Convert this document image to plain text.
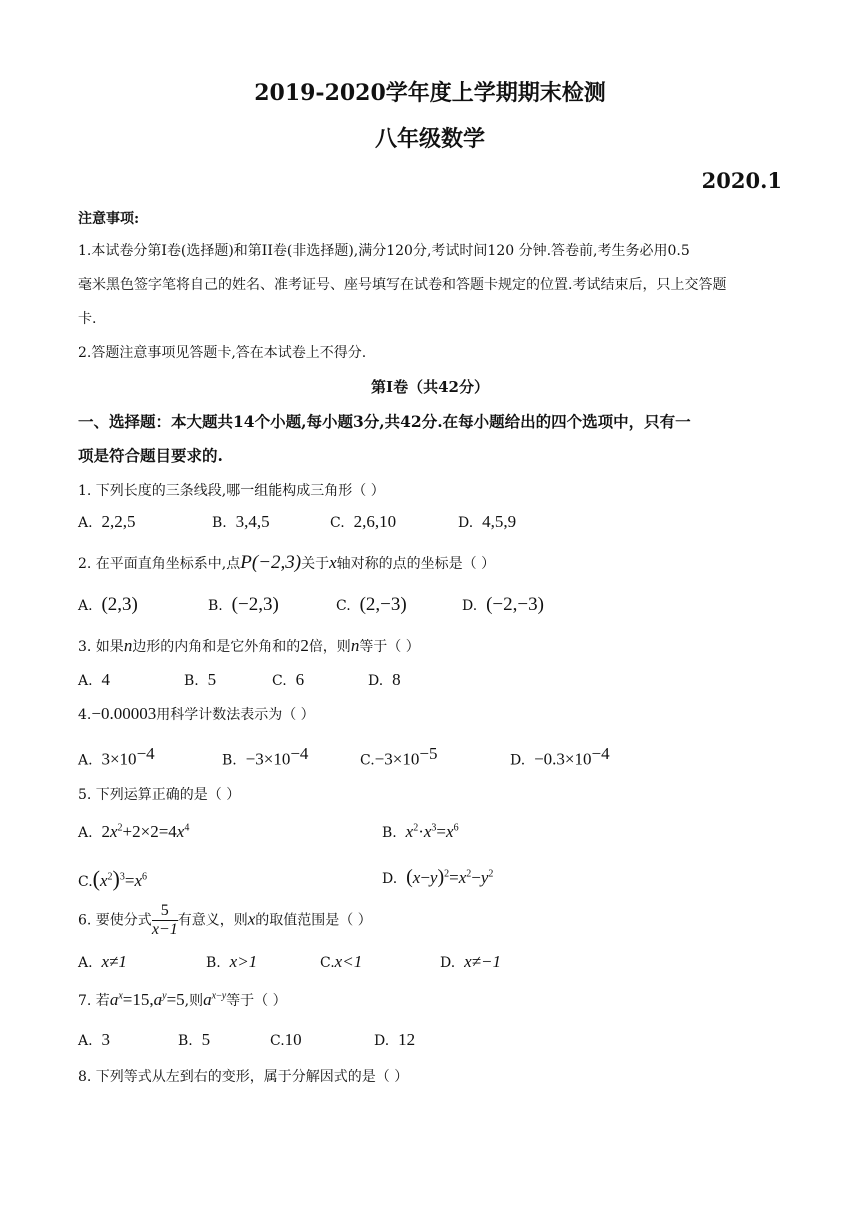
2019-2020学年度上学期期末检测
八年级数学
2020.1
注意事项:
1.本试卷分第Ⅰ卷(选择题)和第II卷(非选择题),满分120分,考试时间120 分钟.答卷前,考生务必用0.5
毫米黑色签字笔将自己的姓名、准考证号、座号填写在试卷和答题卡规定的位置.考试结束后，只上交答题
卡.
2.答题注意事项见答题卡,答在本试卷上不得分.
第Ⅰ卷（共42分）
一、选择题：本大题共14个小题,每小题3分,共42分.在每小题给出的四个选项中，只有一
项是符合题目要求的.
1. 下列长度的三条线段,哪一组能构成三角形（ ）
A. 2,2,5	B. 3,4,5	C. 2,6,10	D. 4,5,9
2. 在平面直角坐标系中,点P(−2,3)关于x轴对称的点的坐标是（ ）
A. (2,3)	B. (−2,3)	C. (2,−3)	D. (−2,−3)
3. 如果n边形的内角和是它外角和的2倍，则n等于（ ）
A. 4	B. 5	C. 6	D. 8
4.−0.00003用科学计数法表示为（ ）
A. $3\times 10^{-4}$	B. $-3\times 10^{-4}$	$C.-3\times 10^{-5}$	D. $-0.3\times 10^{-4}$
5. 下列运算正确的是（ ）
A. $2x^2+2\times 2=4x^4$	B. $x^2\cdot x^3=x^6$
$C.(x^2)^3=x^6$	D. $(x-y)^2=x^2-y^2$
6. 要使分式 $\frac{5}{x-1}$ 有意义，则x的取值范围是（ ）
A. x≠1	B. x>1	C.x<1	D. x≠−1
7. 若$a^x=15,a^y=5$,则$a^{x-y}$等于（ ）
A. 3	B. 5	C.10	D. 12
8. 下列等式从左到右的变形，属于分解因式的是（ ）
